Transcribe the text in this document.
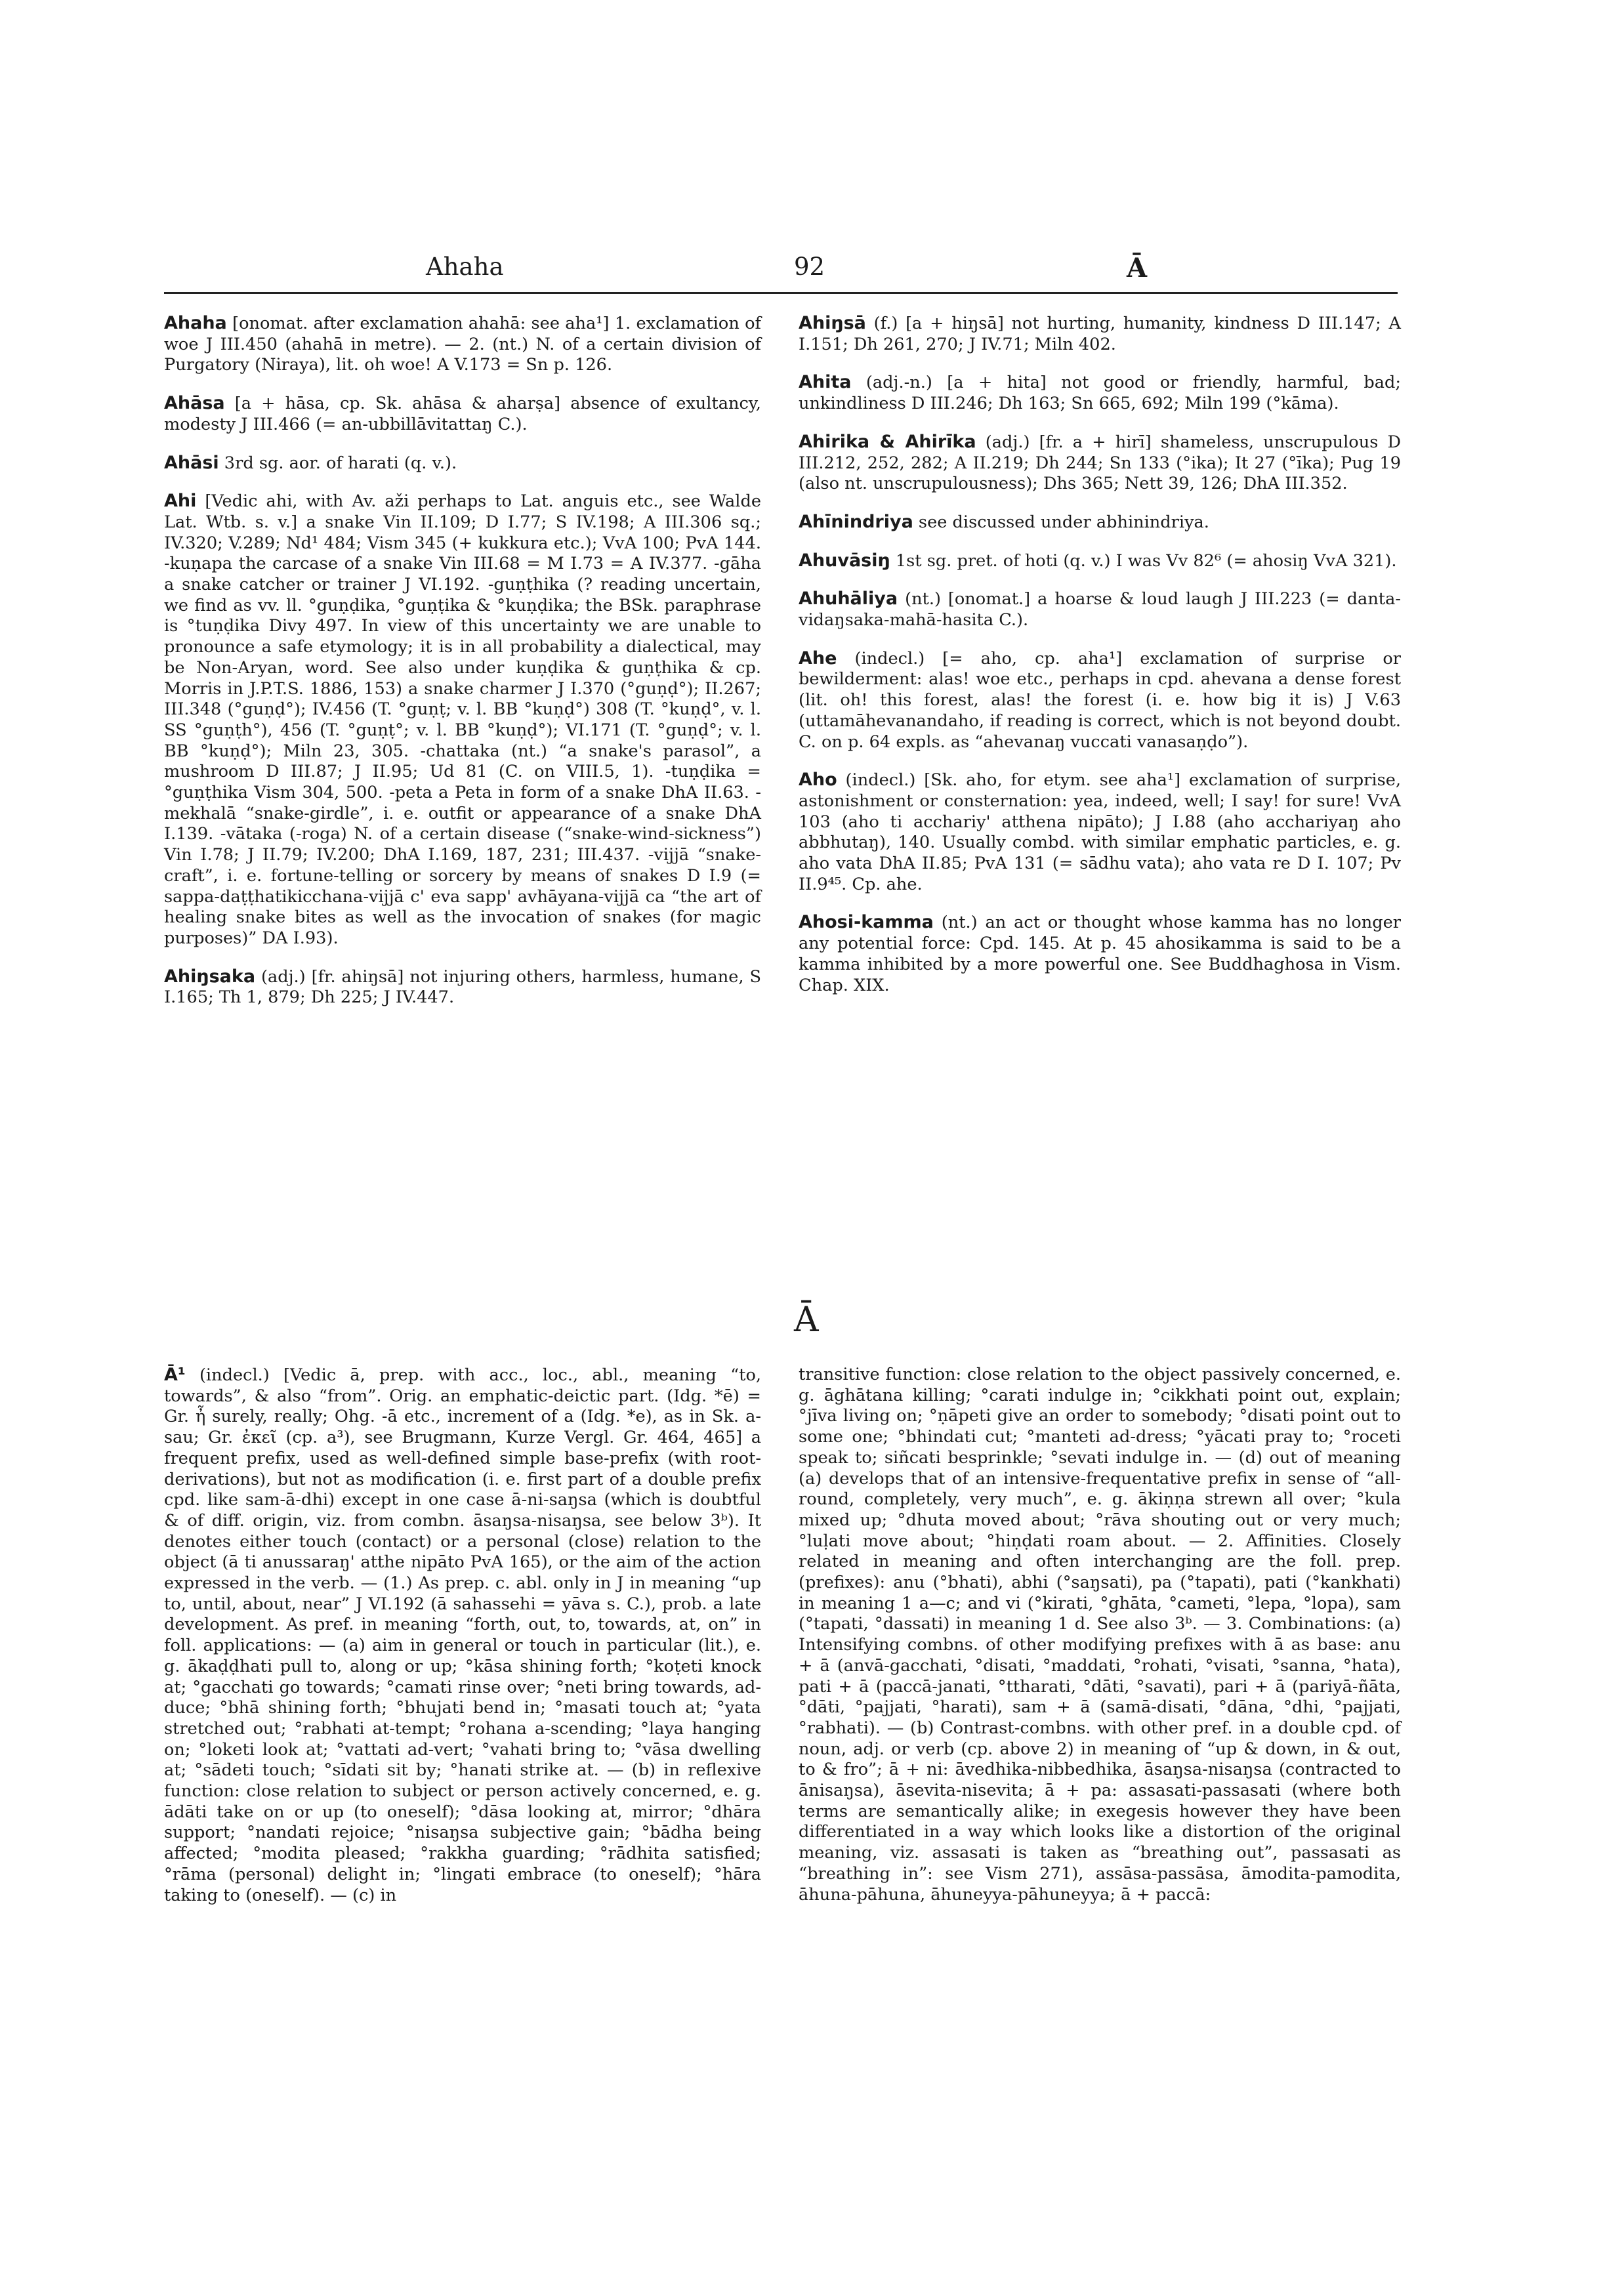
Ahaha	92	Ā

Ahaha [onomat. after exclamation ahahā: see aha¹] 1. exclamation of woe J III.450 (ahahā in metre). — 2. (nt.) N. of a certain division of Purgatory (Niraya), lit. oh woe! A V.173 = Sn p. 126.

Ahāsa [a + hāsa, cp. Sk. ahāsa & aharṣa] absence of exultancy, modesty J III.466 (= an-ubbillāvitattaŋ C.).

Ahāsi 3rd sg. aor. of harati (q. v.).

Ahi [Vedic ahi, with Av. aži perhaps to Lat. anguis etc., see Walde Lat. Wtb. s. v.] a snake Vin II.109; D I.77; S IV.198; A III.306 sq.; IV.320; V.289; Nd¹ 484; Vism 345 (+ kukkura etc.); VvA 100; PvA 144. -kuṇapa the carcase of a snake Vin III.68 = M I.73 = A IV.377. -gāha a snake catcher or trainer J VI.192. -guṇṭhika (? reading uncertain, we find as vv. ll. °guṇḍika, °guṇṭika & °kuṇḍika; the BSk. paraphrase is °tuṇḍika Divy 497. In view of this uncertainty we are unable to pronounce a safe etymology; it is in all probability a dialectical, may be Non-Aryan, word. See also under kuṇḍika & guṇṭhika & cp. Morris in J.P.T.S. 1886, 153) a snake charmer J I.370 (°guṇḍ°); II.267; III.348 (°guṇḍ°); IV.456 (T. °guṇṭ; v. l. BB °kuṇḍ°) 308 (T. °kuṇḍ°, v. l. SS °guṇṭh°), 456 (T. °guṇṭ°; v. l. BB °kuṇḍ°); VI.171 (T. °guṇḍ°; v. l. BB °kuṇḍ°); Miln 23, 305. -chattaka (nt.) “a snake's parasol”, a mushroom D III.87; J II.95; Ud 81 (C. on VIII.5, 1). -tuṇḍika = °guṇṭhika Vism 304, 500. -peta a Peta in form of a snake DhA II.63. -mekhalā “snake-girdle”, i. e. outfit or appearance of a snake DhA I.139. -vātaka (-roga) N. of a certain disease (“snake-wind-sickness”) Vin I.78; J II.79; IV.200; DhA I.169, 187, 231; III.437. -vijjā “snake-craft”, i. e. fortune-telling or sorcery by means of snakes D I.9 (= sappa-daṭṭhatikicchana-vijjā c' eva sapp' avhāyana-vijjā ca “the art of healing snake bites as well as the invocation of snakes (for magic purposes)” DA I.93).

Ahiŋsaka (adj.) [fr. ahiŋsā] not injuring others, harmless, humane, S I.165; Th 1, 879; Dh 225; J IV.447.

Ahiŋsā (f.) [a + hiŋsā] not hurting, humanity, kindness D III.147; A I.151; Dh 261, 270; J IV.71; Miln 402.

Ahita (adj.-n.) [a + hita] not good or friendly, harmful, bad; unkindliness D III.246; Dh 163; Sn 665, 692; Miln 199 (°kāma).

Ahirika & Ahirīka (adj.) [fr. a + hirī] shameless, unscrupulous D III.212, 252, 282; A II.219; Dh 244; Sn 133 (°ika); It 27 (°īka); Pug 19 (also nt. unscrupulousness); Dhs 365; Nett 39, 126; DhA III.352.

Ahīnindriya see discussed under abhinindriya.

Ahuvāsiŋ 1st sg. pret. of hoti (q. v.) I was Vv 82⁶ (= ahosiŋ VvA 321).

Ahuhāliya (nt.) [onomat.] a hoarse & loud laugh J III.223 (= danta-vidaŋsaka-mahā-hasita C.).

Ahe (indecl.) [= aho, cp. aha¹] exclamation of surprise or bewilderment: alas! woe etc., perhaps in cpd. ahevana a dense forest (lit. oh! this forest, alas! the forest (i. e. how big it is) J V.63 (uttamāhevanandaho, if reading is correct, which is not beyond doubt. C. on p. 64 expls. as “ahevanaŋ vuccati vanasaṇḍo”).

Aho (indecl.) [Sk. aho, for etym. see aha¹] exclamation of surprise, astonishment or consternation: yea, indeed, well; I say! for sure! VvA 103 (aho ti acchariy' atthena nipāto); J I.88 (aho acchariyaŋ aho abbhutaŋ), 140. Usually combd. with similar emphatic particles, e. g. aho vata DhA II.85; PvA 131 (= sādhu vata); aho vata re D I. 107; Pv II.9⁴⁵. Cp. ahe.

Ahosi-kamma (nt.) an act or thought whose kamma has no longer any potential force: Cpd. 145. At p. 45 ahosikamma is said to be a kamma inhibited by a more powerful one. See Buddhaghosa in Vism. Chap. XIX.

Ā

Ā¹ (indecl.) [Vedic ā, prep. with acc., loc., abl., meaning “to, towards”, & also “from”. Orig. an emphatic-deictic part. (Idg. *ē) = Gr. ἦ surely, really; Ohg. -ā etc., increment of a (Idg. *e), as in Sk. a-sau; Gr. ἐκεῖ (cp. a³), see Brugmann, Kurze Vergl. Gr. 464, 465] a frequent prefix, used as well-defined simple base-prefix (with root-derivations), but not as modification (i. e. first part of a double prefix cpd. like sam-ā-dhi) except in one case ā-ni-saŋsa (which is doubtful & of diff. origin, viz. from combn. āsaŋsa-nisaŋsa, see below 3ᵇ). It denotes either touch (contact) or a personal (close) relation to the object (ā ti anussaraŋ' atthe nipāto PvA 165), or the aim of the action expressed in the verb. — (1.) As prep. c. abl. only in J in meaning “up to, until, about, near” J VI.192 (ā sahassehi = yāva s. C.), prob. a late development. As pref. in meaning “forth, out, to, towards, at, on” in foll. applications: — (a) aim in general or touch in particular (lit.), e. g. ākaḍḍhati pull to, along or up; °kāsa shining forth; °koṭeti knock at; °gacchati go towards; °camati rinse over; °neti bring towards, ad-duce; °bhā shining forth; °bhujati bend in; °masati touch at; °yata stretched out; °rabhati at-tempt; °rohana a-scending; °laya hanging on; °loketi look at; °vattati ad-vert; °vahati bring to; °vāsa dwelling at; °sādeti touch; °sīdati sit by; °hanati strike at. — (b) in reflexive function: close relation to subject or person actively concerned, e. g. ādāti take on or up (to oneself); °dāsa looking at, mirror; °dhāra support; °nandati rejoice; °nisaŋsa subjective gain; °bādha being affected; °modita pleased; °rakkha guarding; °rādhita satisfied; °rāma (personal) delight in; °lingati embrace (to oneself); °hāra taking to (oneself). — (c) in

transitive function: close relation to the object passively concerned, e. g. āghātana killing; °carati indulge in; °cikkhati point out, explain; °jīva living on; °ṇāpeti give an order to somebody; °disati point out to some one; °bhindati cut; °manteti ad-dress; °yācati pray to; °roceti speak to; siñcati besprinkle; °sevati indulge in. — (d) out of meaning (a) develops that of an intensive-frequentative prefix in sense of “all-round, completely, very much”, e. g. ākiṇṇa strewn all over; °kula mixed up; °dhuta moved about; °rāva shouting out or very much; °luḷati move about; °hiṇḍati roam about. — 2. Affinities. Closely related in meaning and often interchanging are the foll. prep. (prefixes): anu (°bhati), abhi (°saŋsati), pa (°tapati), pati (°kankhati) in meaning 1 a—c; and vi (°kirati, °ghāta, °cameti, °lepa, °lopa), sam (°tapati, °dassati) in meaning 1 d. See also 3ᵇ. — 3. Combinations: (a) Intensifying combns. of other modifying prefixes with ā as base: anu + ā (anvā-gacchati, °disati, °maddati, °rohati, °visati, °sanna, °hata), pati + ā (paccā-janati, °ttharati, °dāti, °savati), pari + ā (pariyā-ñāta, °dāti, °pajjati, °harati), sam + ā (samā-disati, °dāna, °dhi, °pajjati, °rabhati). — (b) Contrast-combns. with other pref. in a double cpd. of noun, adj. or verb (cp. above 2) in meaning of “up & down, in & out, to & fro”; ā + ni: āvedhika-nibbedhika, āsaŋsa-nisaŋsa (contracted to ānisaŋsa), āsevita-nisevita; ā + pa: assasati-passasati (where both terms are semantically alike; in exegesis however they have been differentiated in a way which looks like a distortion of the original meaning, viz. assasati is taken as “breathing out”, passasati as “breathing in”: see Vism 271), assāsa-passāsa, āmodita-pamodita, āhuna-pāhuna, āhuneyya-pāhuneyya; ā + paccā:
